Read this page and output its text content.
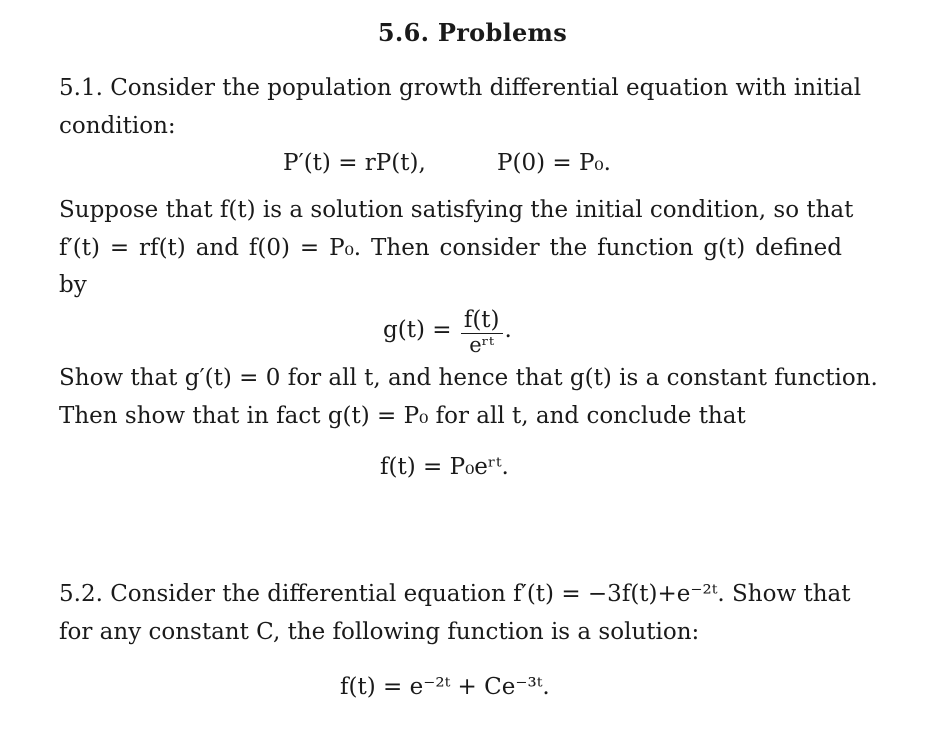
5.6. Problems
5.1. Consider the population growth differential equation with initial
condition:
P′(t) = rP(t),	P(0) = P₀.
Suppose that f(t) is a solution satisfying the initial condition, so that
f′(t) = rf(t) and f(0) = P₀. Then consider the function g(t) defined
by
$g(t) = \frac{f(t)}{\text{eʳᵗ}}$ .
Show that g′(t) = 0 for all t, and hence that g(t) is a constant function.
Then show that in fact g(t) = P₀ for all t, and conclude that
f(t) = P₀eʳᵗ.
5.2. Consider the differential equation f′(t) = −3f(t)+e⁻²ᵗ. Show that
for any constant C, the following function is a solution:
f(t) = e⁻²ᵗ + Ce⁻³ᵗ.
